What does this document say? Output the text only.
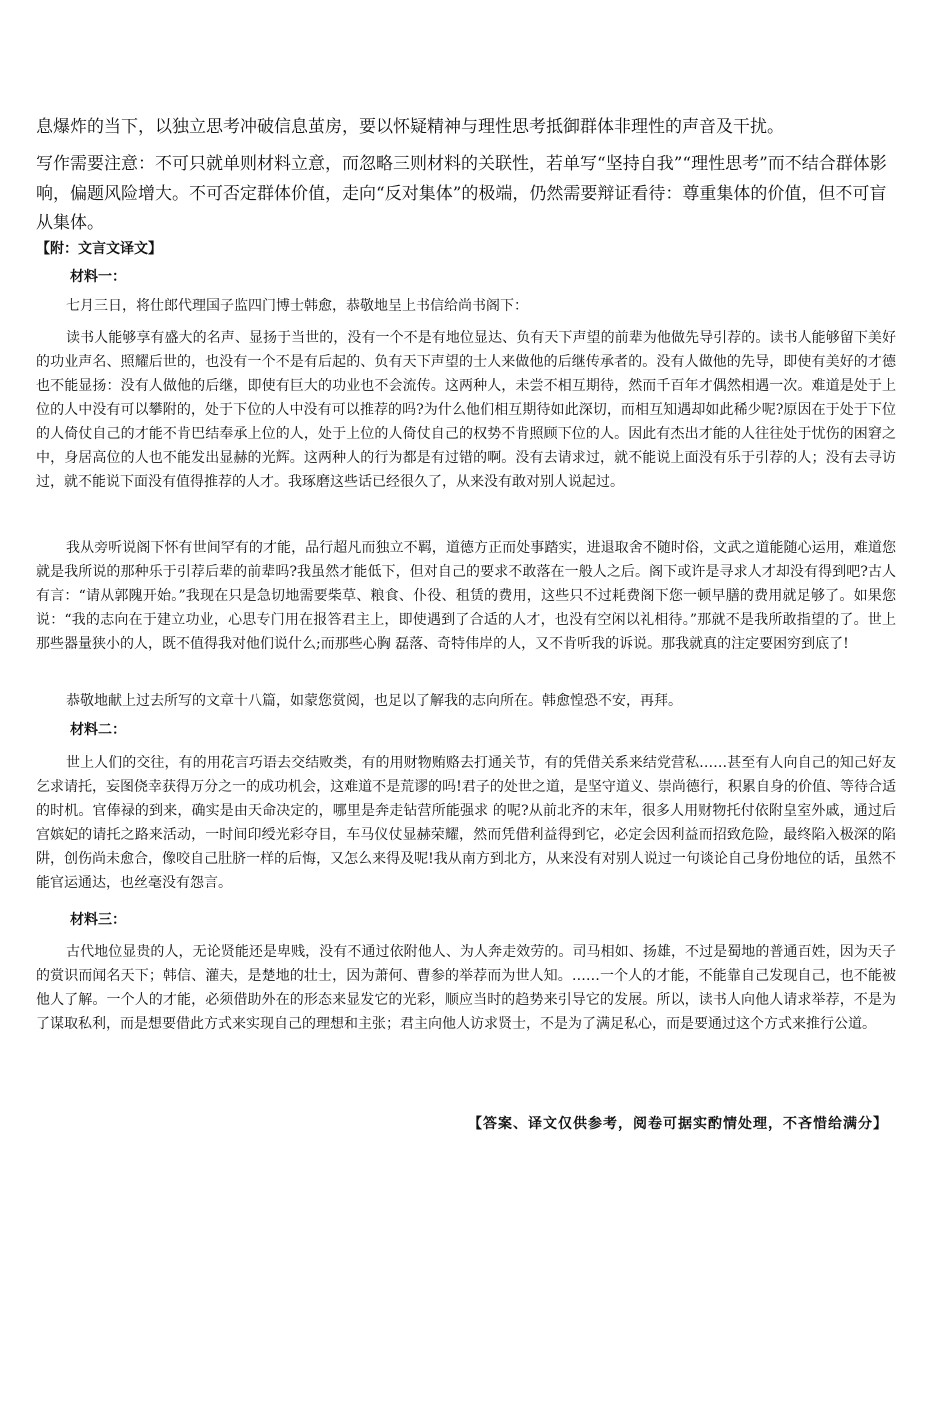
息爆炸的当下，以独立思考冲破信息茧房，要以怀疑精神与理性思考抵御群体非理性的声音及干扰。

写作需要注意：不可只就单则材料立意，而忽略三则材料的关联性，若单写“坚持自我”“理性思考”而不结合群体影响，偏题风险增大。不可否定群体价值，走向“反对集体”的极端，仍然需要辩证看待：尊重集体的价值，但不可盲从集体。

【附：文言文译文】

材料一：

七月三日，将仕郎代理国子监四门博士韩愈，恭敬地呈上书信给尚书阁下：

读书人能够享有盛大的名声、显扬于当世的，没有一个不是有地位显达、负有天下声望的前辈为他做先导引荐的。读书人能够留下美好的功业声名、照耀后世的，也没有一个不是有后起的、负有天下声望的士人来做他的后继传承者的。没有人做他的先导，即使有美好的才德也不能显扬：没有人做他的后继，即使有巨大的功业也不会流传。这两种人，未尝不相互期待，然而千百年才偶然相遇一次。难道是处于上位的人中没有可以攀附的，处于下位的人中没有可以推荐的吗?为什么他们相互期待如此深切，而相互知遇却如此稀少呢?原因在于处于下位的人倚仗自己的才能不肯巴结奉承上位的人，处于上位的人倚仗自己的权势不肯照顾下位的人。因此有杰出才能的人往往处于忧伤的困窘之中，身居高位的人也不能发出显赫的光辉。这两种人的行为都是有过错的啊。没有去请求过，就不能说上面没有乐于引荐的人；没有去寻访过，就不能说下面没有值得推荐的人才。我琢磨这些话已经很久了，从来没有敢对别人说起过。

我从旁听说阁下怀有世间罕有的才能，品行超凡而独立不羁，道德方正而处事踏实，进退取舍不随时俗，文武之道能随心运用，难道您就是我所说的那种乐于引荐后辈的前辈吗?我虽然才能低下，但对自己的要求不敢落在一般人之后。阁下或许是寻求人才却没有得到吧?古人有言：“请从郭隗开始。”我现在只是急切地需要柴草、粮食、仆役、租赁的费用，这些只不过耗费阁下您一顿早膳的费用就足够了。如果您说：“我的志向在于建立功业，心思专门用在报答君主上，即使遇到了合适的人才，也没有空闲以礼相待。”那就不是我所敢指望的了。世上那些器量狭小的人，既不值得我对他们说什么;而那些心胸 磊落、奇特伟岸的人，又不肯听我的诉说。那我就真的注定要困穷到底了!

恭敬地献上过去所写的文章十八篇，如蒙您赏阅，也足以了解我的志向所在。韩愈惶恐不安，再拜。

材料二：

世上人们的交往，有的用花言巧语去交结败类，有的用财物贿赂去打通关节，有的凭借关系来结党营私……甚至有人向自己的知己好友乞求请托，妄图侥幸获得万分之一的成功机会，这难道不是荒谬的吗!君子的处世之道，是坚守道义、崇尚德行，积累自身的价值、等待合适的时机。官俸禄的到来，确实是由天命决定的，哪里是奔走钻营所能强求 的呢?从前北齐的末年，很多人用财物托付依附皇室外戚，通过后宫嫔妃的请托之路来活动，一时间印绶光彩夺目，车马仪仗显赫荣耀，然而凭借利益得到它，必定会因利益而招致危险，最终陷入极深的陷阱，创伤尚未愈合，像咬自己肚脐一样的后悔，又怎么来得及呢!我从南方到北方，从来没有对别人说过一句谈论自己身份地位的话，虽然不能官运通达，也丝毫没有怨言。

材料三：

古代地位显贵的人，无论贤能还是卑贱，没有不通过依附他人、为人奔走效劳的。司马相如、扬雄，不过是蜀地的普通百姓，因为天子的赏识而闻名天下；韩信、灌夫，是楚地的壮士，因为萧何、曹参的举荐而为世人知。……一个人的才能，不能靠自己发现自己，也不能被他人了解。一个人的才能，必须借助外在的形态来显发它的光彩，顺应当时的趋势来引导它的发展。所以，读书人向他人请求举荐，不是为了谋取私利，而是想要借此方式来实现自己的理想和主张；君主向他人访求贤士，不是为了满足私心，而是要通过这个方式来推行公道。

【答案、译文仅供参考，阅卷可据实酌情处理，不吝惜给满分】
